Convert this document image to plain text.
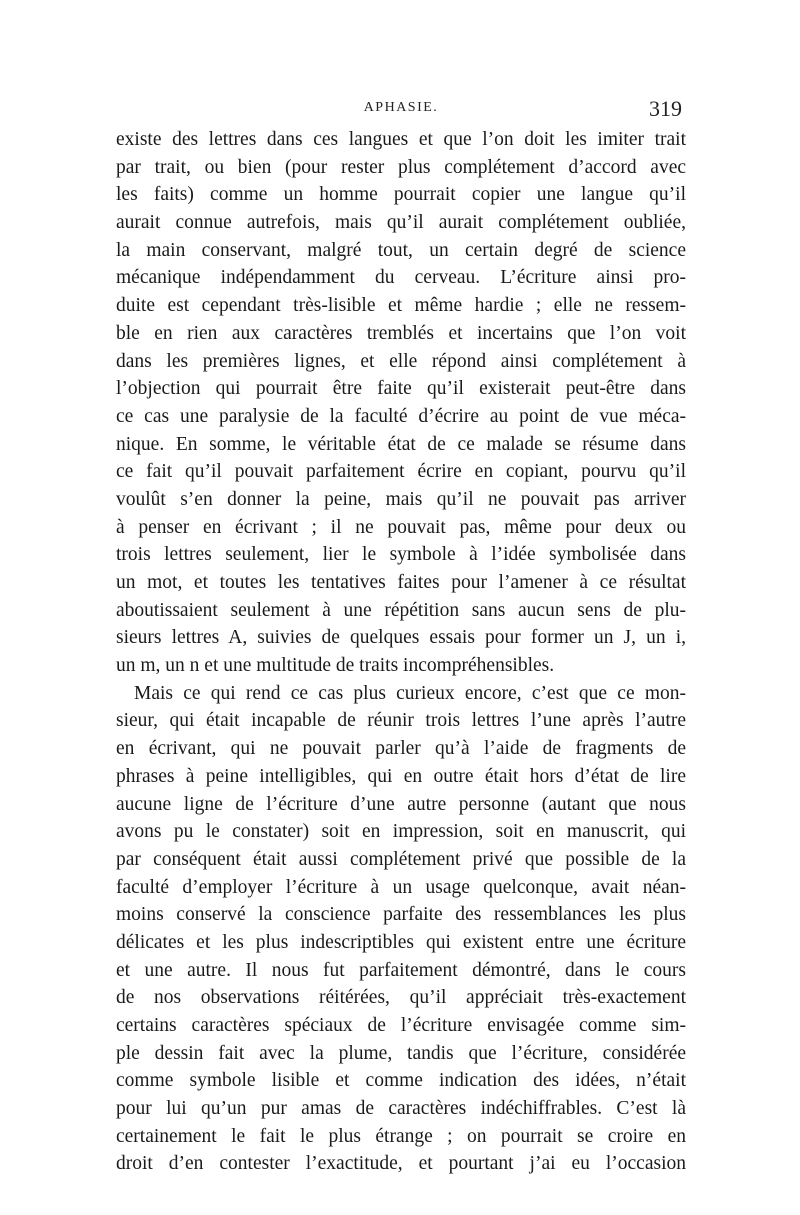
APHASIE.	319
existe des lettres dans ces langues et que l’on doit les imiter trait
par trait, ou bien (pour rester plus complétement d’accord avec
les faits) comme un homme pourrait copier une langue qu’il
aurait connue autrefois, mais qu’il aurait complétement oubliée,
la main conservant, malgré tout, un certain degré de science
mécanique indépendamment du cerveau. L’écriture ainsi pro-
duite est cependant très-lisible et même hardie ; elle ne ressem-
ble en rien aux caractères tremblés et incertains que l’on voit
dans les premières lignes, et elle répond ainsi complétement à
l’objection qui pourrait être faite qu’il existerait peut-être dans
ce cas une paralysie de la faculté d’écrire au point de vue méca-
nique. En somme, le véritable état de ce malade se résume dans
ce fait qu’il pouvait parfaitement écrire en copiant, pourvu qu’il
voulût s’en donner la peine, mais qu’il ne pouvait pas arriver
à penser en écrivant ; il ne pouvait pas, même pour deux ou
trois lettres seulement, lier le symbole à l’idée symbolisée dans
un mot, et toutes les tentatives faites pour l’amener à ce résultat
aboutissaient seulement à une répétition sans aucun sens de plu-
sieurs lettres A, suivies de quelques essais pour former un J, un i,
un m, un n et une multitude de traits incompréhensibles.
Mais ce qui rend ce cas plus curieux encore, c’est que ce mon-
sieur, qui était incapable de réunir trois lettres l’une après l’autre
en écrivant, qui ne pouvait parler qu’à l’aide de fragments de
phrases à peine intelligibles, qui en outre était hors d’état de lire
aucune ligne de l’écriture d’une autre personne (autant que nous
avons pu le constater) soit en impression, soit en manuscrit, qui
par conséquent était aussi complétement privé que possible de la
faculté d’employer l’écriture à un usage quelconque, avait néan-
moins conservé la conscience parfaite des ressemblances les plus
délicates et les plus indescriptibles qui existent entre une écriture
et une autre. Il nous fut parfaitement démontré, dans le cours
de nos observations réitérées, qu’il appréciait très-exactement
certains caractères spéciaux de l’écriture envisagée comme sim-
ple dessin fait avec la plume, tandis que l’écriture, considérée
comme symbole lisible et comme indication des idées, n’était
pour lui qu’un pur amas de caractères indéchiffrables. C’est là
certainement le fait le plus étrange ; on pourrait se croire en
droit d’en contester l’exactitude, et pourtant j’ai eu l’occasion
